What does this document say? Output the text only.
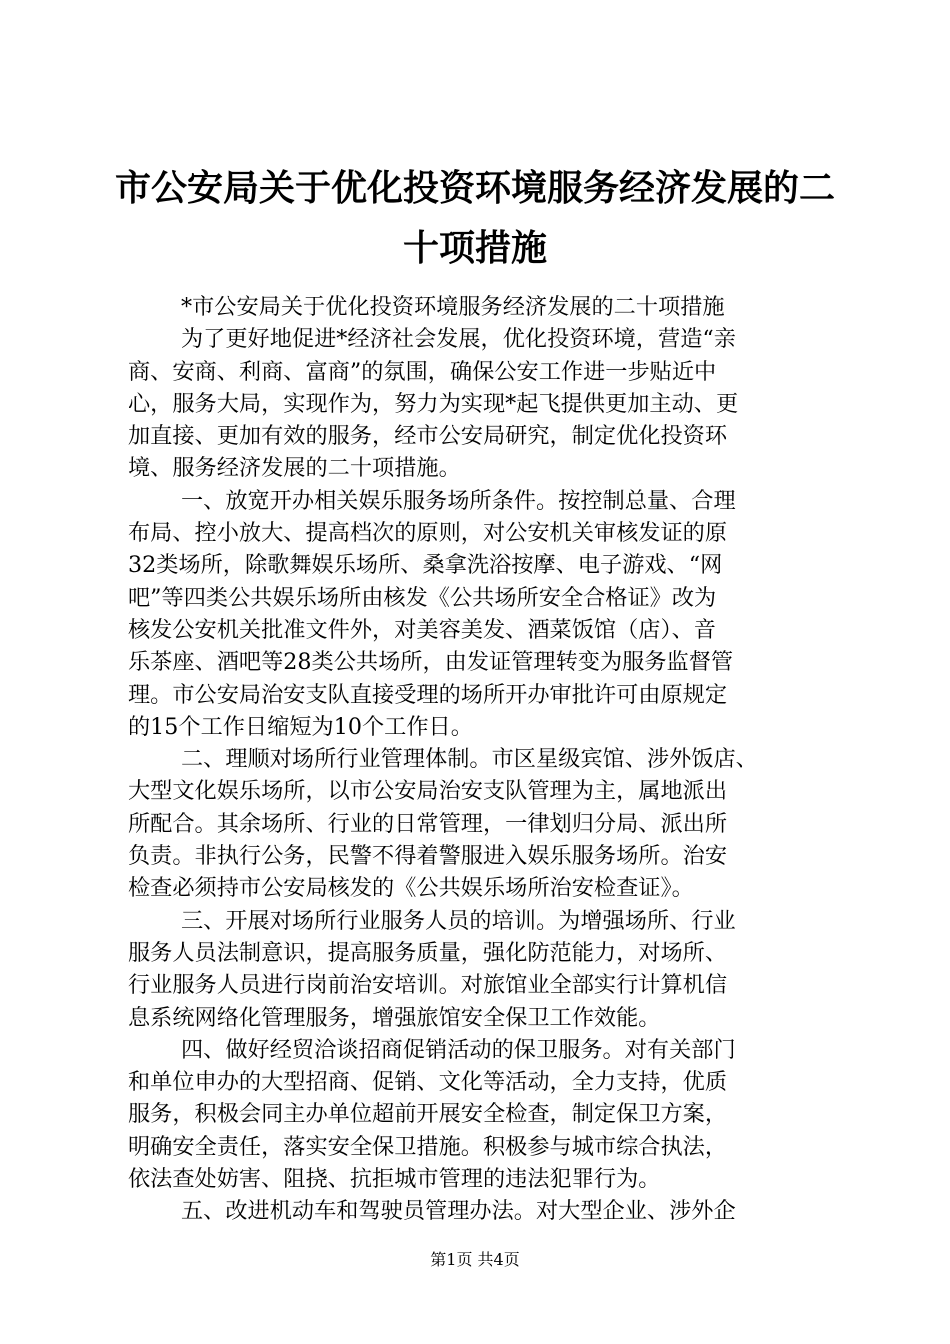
市公安局关于优化投资环境服务经济发展的二
十项措施
*市公安局关于优化投资环境服务经济发展的二十项措施
为了更好地促进*经济社会发展，优化投资环境，营造“亲
商、安商、利商、富商”的氛围，确保公安工作进一步贴近中
心，服务大局，实现作为，努力为实现*起飞提供更加主动、更
加直接、更加有效的服务，经市公安局研究，制定优化投资环
境、服务经济发展的二十项措施。
一、放宽开办相关娱乐服务场所条件。按控制总量、合理
布局、控小放大、提高档次的原则，对公安机关审核发证的原
32类场所，除歌舞娱乐场所、桑拿洗浴按摩、电子游戏、“网
吧”等四类公共娱乐场所由核发《公共场所安全合格证》改为
核发公安机关批准文件外，对美容美发、酒菜饭馆（店）、音
乐茶座、酒吧等28类公共场所，由发证管理转变为服务监督管
理。市公安局治安支队直接受理的场所开办审批许可由原规定
的15个工作日缩短为10个工作日。
二、理顺对场所行业管理体制。市区星级宾馆、涉外饭店、
大型文化娱乐场所，以市公安局治安支队管理为主，属地派出
所配合。其余场所、行业的日常管理，一律划归分局、派出所
负责。非执行公务，民警不得着警服进入娱乐服务场所。治安
检查必须持市公安局核发的《公共娱乐场所治安检查证》。
三、开展对场所行业服务人员的培训。为增强场所、行业
服务人员法制意识，提高服务质量，强化防范能力，对场所、
行业服务人员进行岗前治安培训。对旅馆业全部实行计算机信
息系统网络化管理服务，增强旅馆安全保卫工作效能。
四、做好经贸洽谈招商促销活动的保卫服务。对有关部门
和单位申办的大型招商、促销、文化等活动，全力支持，优质
服务，积极会同主办单位超前开展安全检查，制定保卫方案，
明确安全责任，落实安全保卫措施。积极参与城市综合执法，
依法查处妨害、阻挠、抗拒城市管理的违法犯罪行为。
五、改进机动车和驾驶员管理办法。对大型企业、涉外企
第1页 共4页
